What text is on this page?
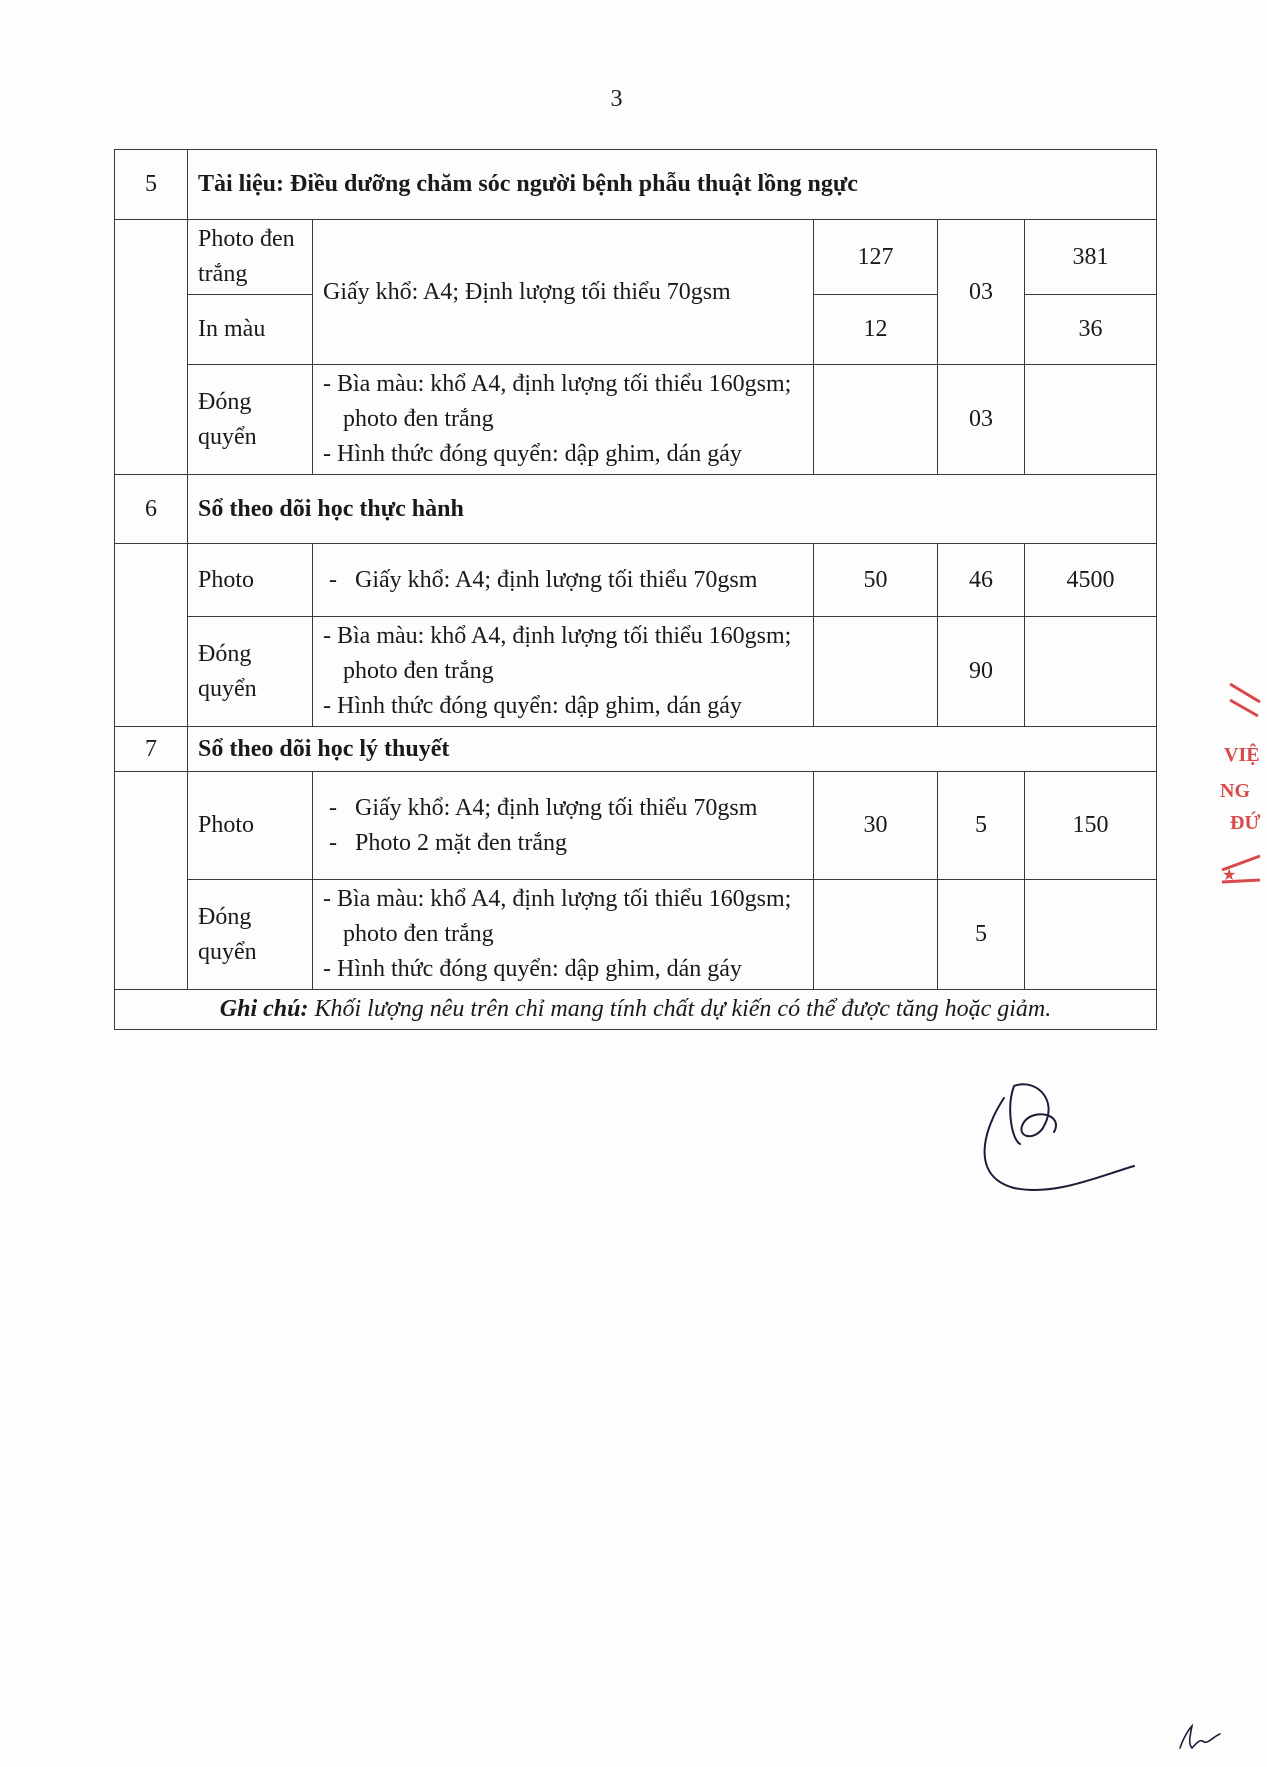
3
5	Tài liệu: Điều dưỡng chăm sóc người bệnh phẫu thuật lồng ngực				
	Photo đen trắng	Giấy khổ: A4; Định lượng tối thiểu 70gsm	127	03	381
	In màu		12		36
	Đóng quyển	- Bìa màu: khổ A4, định lượng tối thiểu 160gsm; photo đen trắng
- Hình thức đóng quyển: dập ghim, dán gáy		03	
6	Sổ theo dõi học thực hành				
	Photo	- Giấy khổ: A4; định lượng tối thiểu 70gsm	50	46	4500
	Đóng quyển	- Bìa màu: khổ A4, định lượng tối thiểu 160gsm; photo đen trắng
- Hình thức đóng quyển: dập ghim, dán gáy		90	
7	Sổ theo dõi học lý thuyết				
	Photo	- Giấy khổ: A4; định lượng tối thiểu 70gsm
- Photo 2 mặt đen trắng	30	5	150
	Đóng quyển	- Bìa màu: khổ A4, định lượng tối thiểu 160gsm; photo đen trắng
- Hình thức đóng quyển: dập ghim, dán gáy		5	
Ghi chú: Khối lượng nêu trên chỉ mang tính chất dự kiến có thể được tăng hoặc giảm.					
★
VIỆ
NG
ĐỨ
